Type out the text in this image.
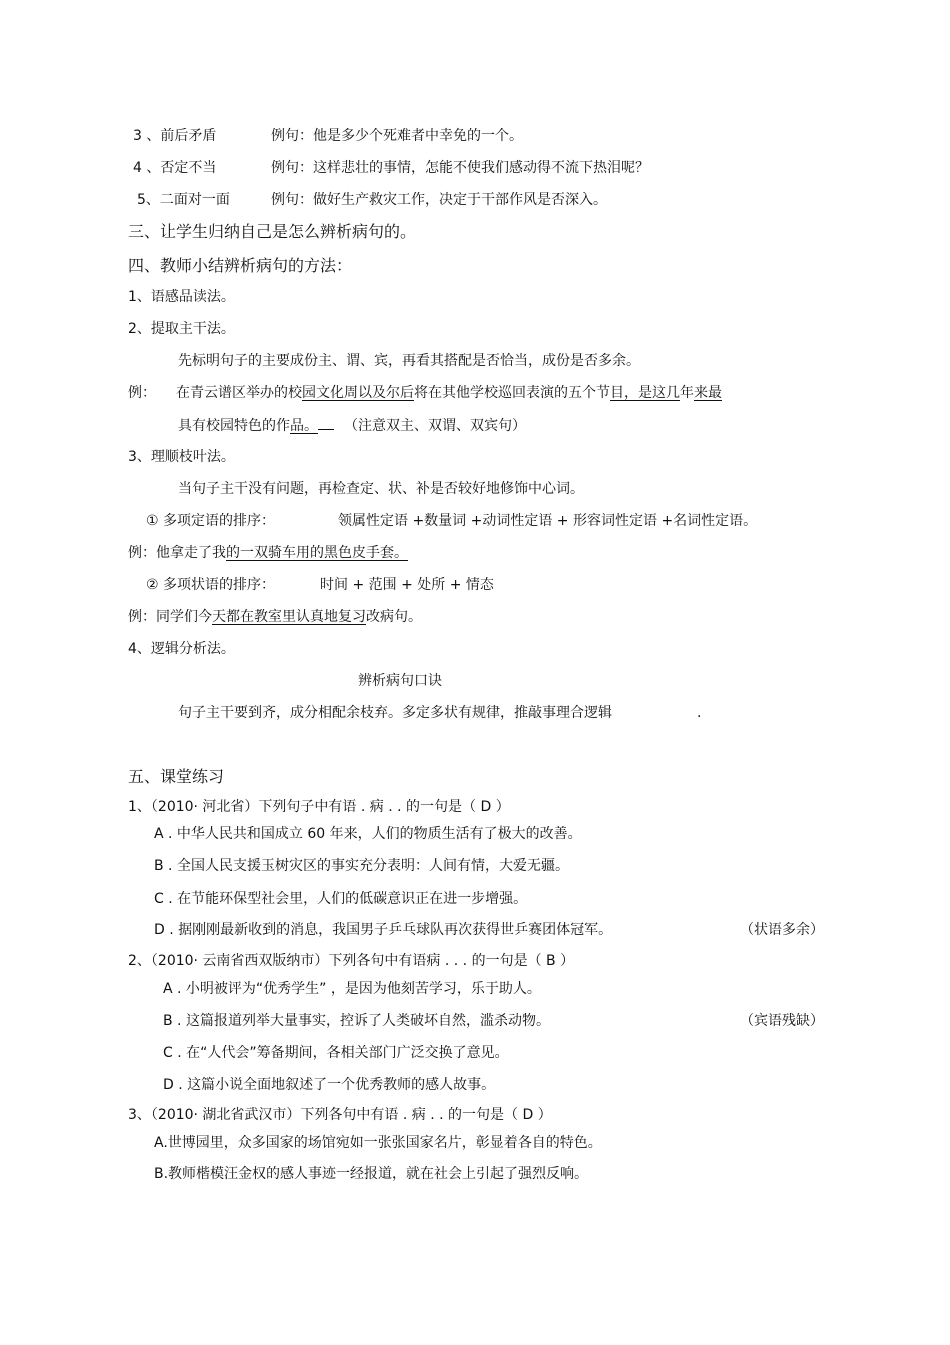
3 、前后矛盾	例句：他是多少个死难者中幸免的一个。
4 、否定不当	例句：这样悲壮的事情，怎能不使我们感动得不流下热泪呢？
5、二面对一面	例句：做好生产救灾工作，决定于干部作风是否深入。
三、让学生归纳自己是怎么辨析病句的。
四、教师小结辨析病句的方法：
1、语感品读法。
2、提取主干法。
先标明句子的主要成份主、谓、宾，再看其搭配是否恰当，成份是否多余。
例： 在青云谱区举办的校园文化周以及尔后将在其他学校巡回表演的五个节目，是这几年来最
具有校园特色的作品。 （注意双主、双谓、双宾句）
3、理顺枝叶法。
当句子主干没有问题，再检查定、状、补是否较好地修饰中心词。
① 多项定语的排序：	领属性定语 +数量词 +动词性定语 + 形容词性定语 +名词性定语。
例：他拿走了我的一双骑车用的黑色皮手套。
② 多项状语的排序：	时间 + 范围 + 处所 + 情态
例：同学们今天都在教室里认真地复习改病句。
4、逻辑分析法。
辨析病句口诀
句子主干要到齐，成分相配余枝弃。多定多状有规律，推敲事理合逻辑	.
五、课堂练习
1、（2010· 河北省）下列句子中有语 . 病 . . 的一句是（ D ）
A . 中华人民共和国成立 60 年来，人们的物质生活有了极大的改善。
B . 全国人民支援玉树灾区的事实充分表明：人间有情，大爱无疆。
C . 在节能环保型社会里，人们的低碳意识正在进一步增强。
D . 据刚刚最新收到的消息，我国男子乒乓球队再次获得世乒赛团体冠军。	（状语多余）
2、（2010· 云南省西双版纳市）下列各句中有语病 . . . 的一句是（ B ）
A . 小明被评为“优秀学生” ，是因为他刻苦学习，乐于助人。
B . 这篇报道列举大量事实，控诉了人类破坏自然，滥杀动物。	（宾语残缺）
C . 在“人代会”筹备期间，各相关部门广泛交换了意见。
D . 这篇小说全面地叙述了一个优秀教师的感人故事。
3、（2010· 湖北省武汉市）下列各句中有语 . 病 . . 的一句是（ D ）
A.世博园里，众多国家的场馆宛如一张张国家名片，彰显着各自的特色。
B.教师楷模汪金权的感人事迹一经报道，就在社会上引起了强烈反响。
